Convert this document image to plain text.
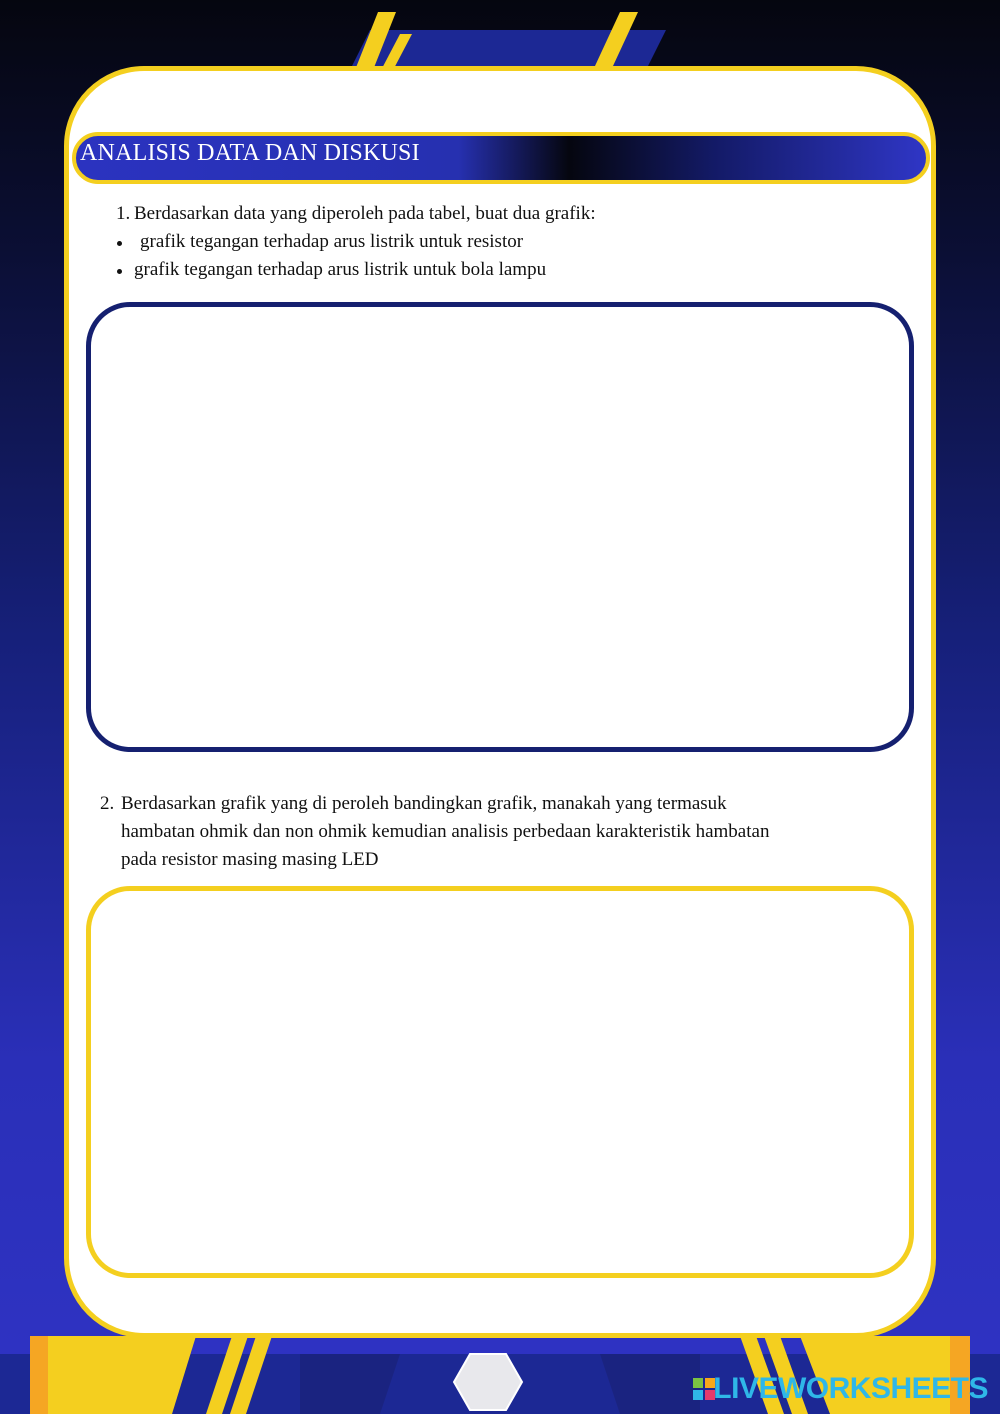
ANALISIS DATA DAN DISKUSI
1. Berdasarkan data yang diperoleh pada tabel, buat dua grafik:
grafik tegangan terhadap arus listrik untuk resistor
grafik tegangan terhadap arus listrik untuk bola lampu
2. Berdasarkan grafik yang di peroleh bandingkan grafik, manakah yang termasuk
hambatan ohmik dan non ohmik kemudian analisis perbedaan karakteristik hambatan
pada resistor masing masing LED
LIVEWORKSHEETS
